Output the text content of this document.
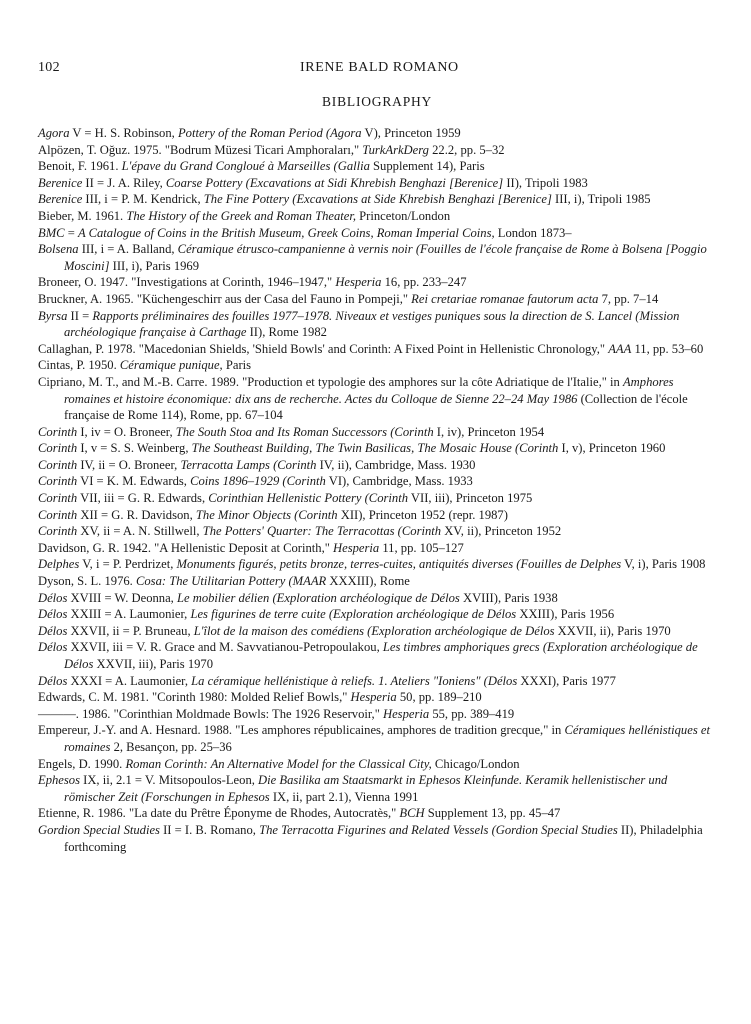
102	IRENE BALD ROMANO
BIBLIOGRAPHY
Agora V = H. S. Robinson, Pottery of the Roman Period (Agora V), Princeton 1959
Alpözen, T. Oğuz. 1975. "Bodrum Müzesi Ticari Amphoraları," TurkArkDerg 22.2, pp. 5–32
Benoit, F. 1961. L'épave du Grand Congloué à Marseilles (Gallia Supplement 14), Paris
Berenice II = J. A. Riley, Coarse Pottery (Excavations at Sidi Khrebish Benghazi [Berenice] II), Tripoli 1983
Berenice III, i = P. M. Kendrick, The Fine Pottery (Excavations at Side Khrebish Benghazi [Berenice] III, i), Tripoli 1985
Bieber, M. 1961. The History of the Greek and Roman Theater, Princeton/London
BMC = A Catalogue of Coins in the British Museum, Greek Coins, Roman Imperial Coins, London 1873–
Bolsena III, i = A. Balland, Céramique étrusco-campanienne à vernis noir (Fouilles de l'école française de Rome à Bolsena [Poggio Moscini] III, i), Paris 1969
Broneer, O. 1947. "Investigations at Corinth, 1946–1947," Hesperia 16, pp. 233–247
Bruckner, A. 1965. "Küchengeschirr aus der Casa del Fauno in Pompeji," Rei cretariae romanae fautorum acta 7, pp. 7–14
Byrsa II = Rapports préliminaires des fouilles 1977–1978. Niveaux et vestiges puniques sous la direction de S. Lancel (Mission archéologique française à Carthage II), Rome 1982
Callaghan, P. 1978. "Macedonian Shields, 'Shield Bowls' and Corinth: A Fixed Point in Hellenistic Chronology," AAA 11, pp. 53–60
Cintas, P. 1950. Céramique punique, Paris
Cipriano, M. T., and M.-B. Carre. 1989. "Production et typologie des amphores sur la côte Adriatique de l'Italie," in Amphores romaines et histoire économique: dix ans de recherche. Actes du Colloque de Sienne 22–24 May 1986 (Collection de l'école française de Rome 114), Rome, pp. 67–104
Corinth I, iv = O. Broneer, The South Stoa and Its Roman Successors (Corinth I, iv), Princeton 1954
Corinth I, v = S. S. Weinberg, The Southeast Building, The Twin Basilicas, The Mosaic House (Corinth I, v), Princeton 1960
Corinth IV, ii = O. Broneer, Terracotta Lamps (Corinth IV, ii), Cambridge, Mass. 1930
Corinth VI = K. M. Edwards, Coins 1896–1929 (Corinth VI), Cambridge, Mass. 1933
Corinth VII, iii = G. R. Edwards, Corinthian Hellenistic Pottery (Corinth VII, iii), Princeton 1975
Corinth XII = G. R. Davidson, The Minor Objects (Corinth XII), Princeton 1952 (repr. 1987)
Corinth XV, ii = A. N. Stillwell, The Potters' Quarter: The Terracottas (Corinth XV, ii), Princeton 1952
Davidson, G. R. 1942. "A Hellenistic Deposit at Corinth," Hesperia 11, pp. 105–127
Delphes V, i = P. Perdrizet, Monuments figurés, petits bronze, terres-cuites, antiquités diverses (Fouilles de Delphes V, i), Paris 1908
Dyson, S. L. 1976. Cosa: The Utilitarian Pottery (MAAR XXXIII), Rome
Délos XVIII = W. Deonna, Le mobilier délien (Exploration archéologique de Délos XVIII), Paris 1938
Délos XXIII = A. Laumonier, Les figurines de terre cuite (Exploration archéologique de Délos XXIII), Paris 1956
Délos XXVII, ii = P. Bruneau, L'îlot de la maison des comédiens (Exploration archéologique de Délos XXVII, ii), Paris 1970
Délos XXVII, iii = V. R. Grace and M. Savvatianou-Petropoulakou, Les timbres amphoriques grecs (Exploration archéologique de Délos XXVII, iii), Paris 1970
Délos XXXI = A. Laumonier, La céramique hellénistique à reliefs. 1. Ateliers "Ioniens" (Délos XXXI), Paris 1977
Edwards, C. M. 1981. "Corinth 1980: Molded Relief Bowls," Hesperia 50, pp. 189–210
———. 1986. "Corinthian Moldmade Bowls: The 1926 Reservoir," Hesperia 55, pp. 389–419
Empereur, J.-Y. and A. Hesnard. 1988. "Les amphores républicaines, amphores de tradition grecque," in Céramiques hellénistiques et romaines 2, Besançon, pp. 25–36
Engels, D. 1990. Roman Corinth: An Alternative Model for the Classical City, Chicago/London
Ephesos IX, ii, 2.1 = V. Mitsopoulos-Leon, Die Basilika am Staatsmarkt in Ephesos Kleinfunde. Keramik hellenistischer und römischer Zeit (Forschungen in Ephesos IX, ii, part 2.1), Vienna 1991
Etienne, R. 1986. "La date du Prêtre Éponyme de Rhodes, Autocratès," BCH Supplement 13, pp. 45–47
Gordion Special Studies II = I. B. Romano, The Terracotta Figurines and Related Vessels (Gordion Special Studies II), Philadelphia forthcoming
